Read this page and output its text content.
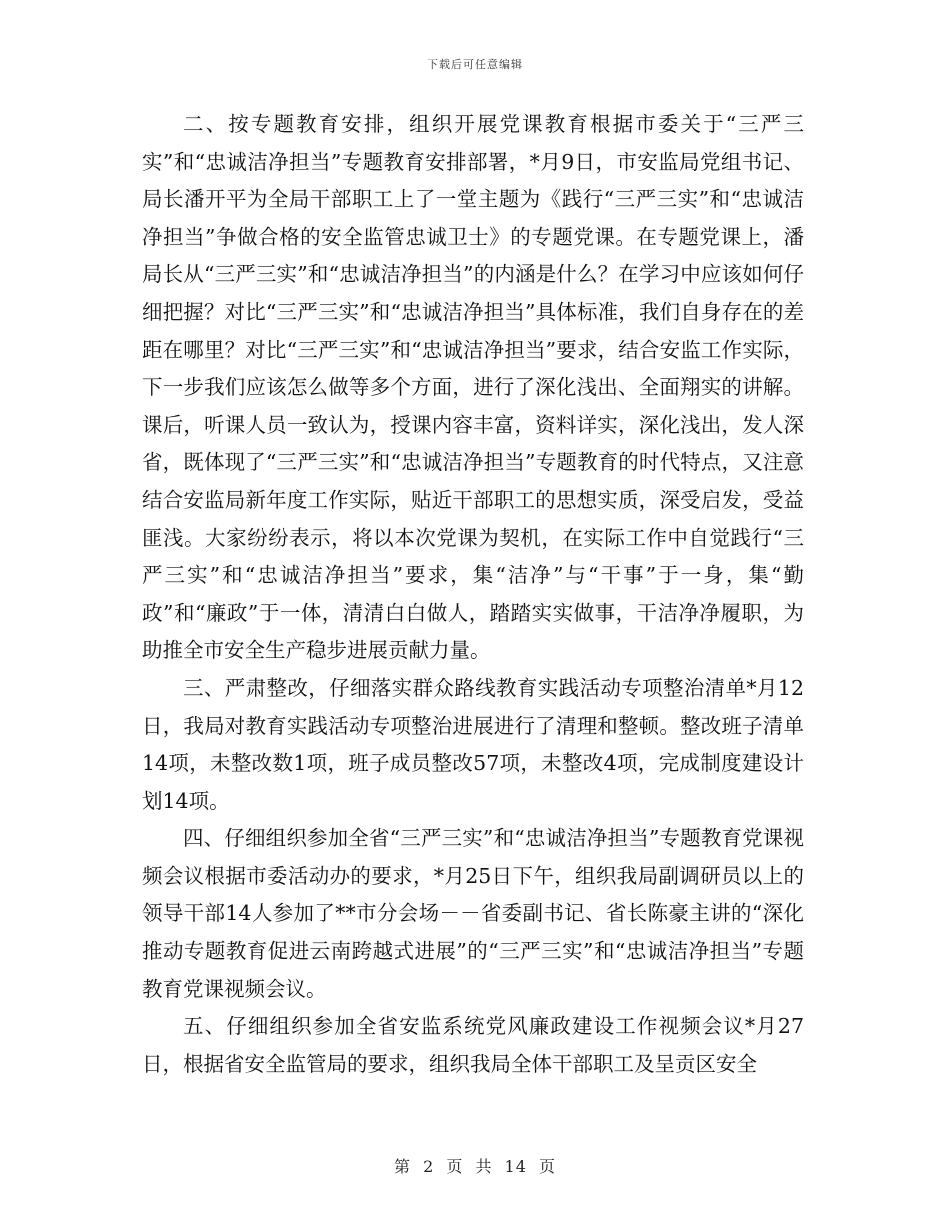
下载后可任意编辑

二、按专题教育安排，组织开展党课教育根据市委关于“三严三实”和“忠诚洁净担当”专题教育安排部署，*月9日，市安监局党组书记、局长潘开平为全局干部职工上了一堂主题为《践行“三严三实”和“忠诚洁净担当”争做合格的安全监管忠诚卫士》的专题党课。在专题党课上，潘局长从“三严三实”和“忠诚洁净担当”的内涵是什么？在学习中应该如何仔细把握？对比“三严三实”和“忠诚洁净担当”具体标准，我们自身存在的差距在哪里？对比“三严三实”和“忠诚洁净担当”要求，结合安监工作实际，下一步我们应该怎么做等多个方面，进行了深化浅出、全面翔实的讲解。课后，听课人员一致认为，授课内容丰富，资料详实，深化浅出，发人深省，既体现了“三严三实”和“忠诚洁净担当”专题教育的时代特点，又注意结合安监局新年度工作实际，贴近干部职工的思想实质，深受启发，受益匪浅。大家纷纷表示，将以本次党课为契机，在实际工作中自觉践行“三严三实”和“忠诚洁净担当”要求，集“洁净”与“干事”于一身，集“勤政”和“廉政”于一体，清清白白做人，踏踏实实做事，干洁净净履职，为助推全市安全生产稳步进展贡献力量。

三、严肃整改，仔细落实群众路线教育实践活动专项整治清单*月12日，我局对教育实践活动专项整治进展进行了清理和整顿。整改班子清单14项，未整改数1项，班子成员整改57项，未整改4项，完成制度建设计划14项。

四、仔细组织参加全省“三严三实”和“忠诚洁净担当”专题教育党课视频会议根据市委活动办的要求，*月25日下午，组织我局副调研员以上的领导干部14人参加了**市分会场－－省委副书记、省长陈豪主讲的“深化推动专题教育促进云南跨越式进展”的“三严三实”和“忠诚洁净担当”专题教育党课视频会议。

五、仔细组织参加全省安监系统党风廉政建设工作视频会议*月27日，根据省安全监管局的要求，组织我局全体干部职工及呈贡区安全

第 2 页 共 14 页
